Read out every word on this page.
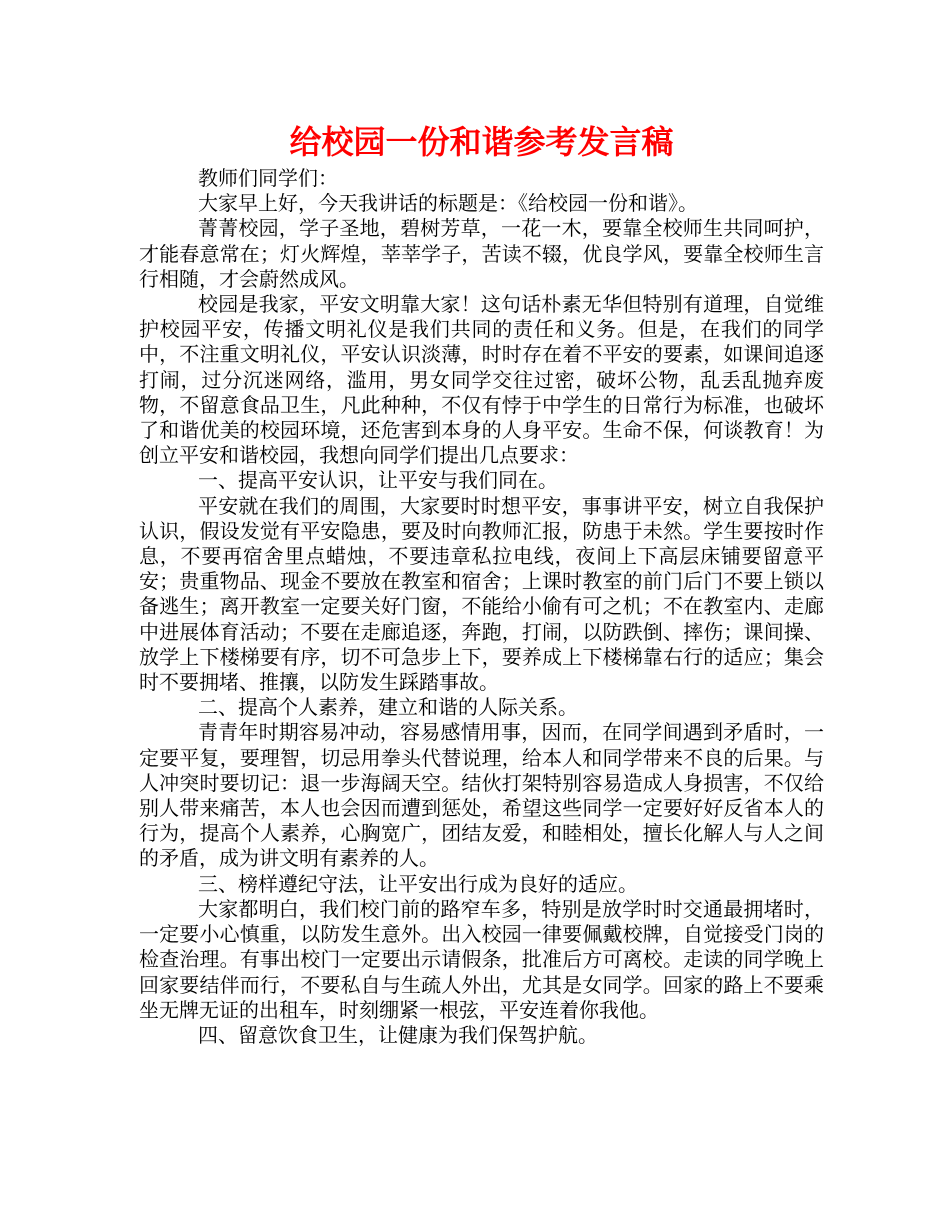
给校园一份和谐参考发言稿

教师们同学们：

大家早上好，今天我讲话的标题是：《给校园一份和谐》。

菁菁校园，学子圣地，碧树芳草，一花一木，要靠全校师生共同呵护，才能春意常在；灯火辉煌，莘莘学子，苦读不辍，优良学风，要靠全校师生言行相随，才会蔚然成风。

校园是我家，平安文明靠大家！这句话朴素无华但特别有道理，自觉维护校园平安，传播文明礼仪是我们共同的责任和义务。但是，在我们的同学中，不注重文明礼仪，平安认识淡薄，时时存在着不平安的要素，如课间追逐打闹，过分沉迷网络，滥用，男女同学交往过密，破坏公物，乱丢乱抛弃废物，不留意食品卫生，凡此种种，不仅有悖于中学生的日常行为标准，也破坏了和谐优美的校园环境，还危害到本身的人身平安。生命不保，何谈教育！为创立平安和谐校园，我想向同学们提出几点要求：

一、提高平安认识，让平安与我们同在。

平安就在我们的周围，大家要时时想平安，事事讲平安，树立自我保护认识，假设发觉有平安隐患，要及时向教师汇报，防患于未然。学生要按时作息，不要再宿舍里点蜡烛，不要违章私拉电线，夜间上下高层床铺要留意平安；贵重物品、现金不要放在教室和宿舍；上课时教室的前门后门不要上锁以备逃生；离开教室一定要关好门窗，不能给小偷有可之机；不在教室内、走廊中进展体育活动；不要在走廊追逐，奔跑，打闹，以防跌倒、摔伤；课间操、放学上下楼梯要有序，切不可急步上下，要养成上下楼梯靠右行的适应；集会时不要拥堵、推攘，以防发生踩踏事故。

二、提高个人素养，建立和谐的人际关系。

青青年时期容易冲动，容易感情用事，因而，在同学间遇到矛盾时，一定要平复，要理智，切忌用拳头代替说理，给本人和同学带来不良的后果。与人冲突时要切记：退一步海阔天空。结伙打架特别容易造成人身损害，不仅给别人带来痛苦，本人也会因而遭到惩处，希望这些同学一定要好好反省本人的行为，提高个人素养，心胸宽广，团结友爱，和睦相处，擅长化解人与人之间的矛盾，成为讲文明有素养的人。

三、榜样遵纪守法，让平安出行成为良好的适应。

大家都明白，我们校门前的路窄车多，特别是放学时时交通最拥堵时，一定要小心慎重，以防发生意外。出入校园一律要佩戴校牌，自觉接受门岗的检查治理。有事出校门一定要出示请假条，批准后方可离校。走读的同学晚上回家要结伴而行，不要私自与生疏人外出，尤其是女同学。回家的路上不要乘坐无牌无证的出租车，时刻绷紧一根弦，平安连着你我他。

四、留意饮食卫生，让健康为我们保驾护航。
